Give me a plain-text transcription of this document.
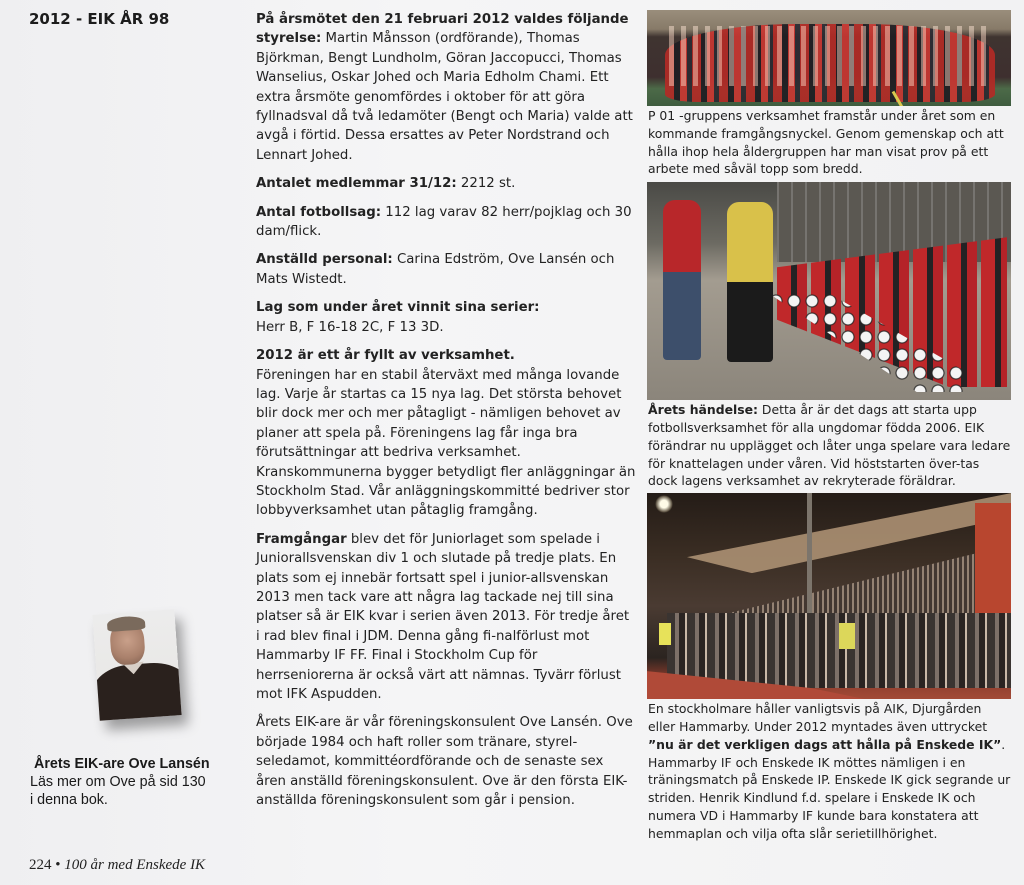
2012 - EIK ÅR 98	På årsmötet den 21 februari 2012 valdes följande styrelse: Martin Månsson (ordförande), Thomas Björkman, Bengt Lundholm, Göran Jaccopucci, Thomas Wanselius, Oskar Johed och Maria Edholm Chami. Ett extra årsmöte genomfördes i oktober för att göra fyllnadsval då två ledamöter (Bengt och Maria) valde att avgå i förtid. Dessa ersattes av Peter Nordstrand och Lennart Johed.

Antalet medlemmar 31/12: 2212 st.

Antal fotbollsag: 112 lag varav 82 herr/pojklag och 30 dam/flick.

Anställd personal: Carina Edström, Ove Lansén och Mats Wistedt.

Lag som under året vinnit sina serier:
Herr B, F 16-18 2C, F 13 3D.

2012 är ett år fyllt av verksamhet.
Föreningen har en stabil återväxt med många lovande lag. Varje år startas ca 15 nya lag. Det största behovet blir dock mer och mer påtagligt - nämligen behovet av planer att spela på. Föreningens lag får inga bra förutsättningar att bedriva verksamhet. Kranskommunerna bygger betydligt fler anläggningar än Stockholm Stad. Vår anläggningskommitté bedriver stor lobbyverksamhet utan påtaglig framgång.

Framgångar blev det för Juniorlaget som spelade i Juniorallsvenskan div 1 och slutade på tredje plats. En plats som ej innebär fortsatt spel i junior-allsvenskan 2013 men tack vare att några lag tackade nej till sina platser så är EIK kvar i serien även 2013. För tredje året i rad blev final i JDM. Denna gång fi-nalförlust mot Hammarby IF FF. Final i Stockholm Cup för herrseniorerna är också värt att nämnas. Tyvärr förlust mot IFK Aspudden.

Årets EIK-are är vår föreningskonsulent Ove Lansén. Ove började 1984 och haft roller som tränare, styrel-seledamot, kommittéordförande och de senaste sex åren anställd föreningskonsulent. Ove är den första EIK-anställda föreningskonsulent som går i pension.

Årets EIK-are Ove Lansén
Läs mer om Ove på sid 130
i denna bok.
224 • 100 år med Enskede IK
P 01 -gruppens verksamhet framstår under året som en kommande framgångsnyckel. Genom gemenskap och att hålla ihop hela åldergruppen har man visat prov på ett arbete med såväl topp som bredd.
Årets händelse: Detta år är det dags att starta upp fotbollsverksamhet för alla ungdomar födda 2006. EIK förändrar nu upplägget och låter unga spelare vara ledare för knattelagen under våren. Vid höststarten över-tas dock lagens verksamhet av rekryterade föräldrar.
En stockholmare håller vanligtsvis på AIK, Djurgården eller Hammarby. Under 2012 myntades även uttrycket ”nu är det verkligen dags att hålla på Enskede IK”. Hammarby IF och Enskede IK möttes nämligen i en träningsmatch på Enskede IP. Enskede IK gick segrande ur striden. Henrik Kindlund f.d. spelare i Enskede IK och numera VD i Hammarby IF kunde bara konstatera att hemmaplan och vilja ofta slår serietillhörighet.
